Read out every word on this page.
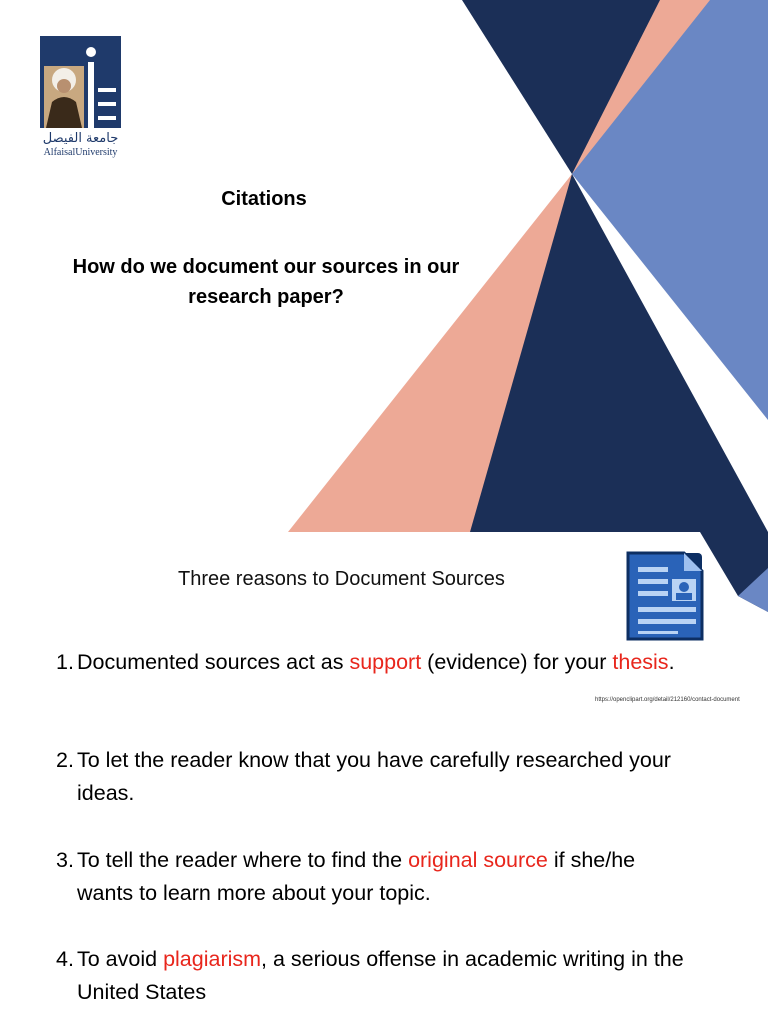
جامعة الفيصل
AlfaisalUniversity
Citations
How do we document our sources in our research paper?
Three reasons to Document Sources
https://openclipart.org/detail/212160/contact-document
1. Documented sources act as support (evidence) for your thesis.
2. To let the reader know that you have carefully researched your ideas.
3. To tell the reader where to find the original source if she/he wants to learn more about your topic.
4. To avoid plagiarism, a serious offense in academic writing in the United States
